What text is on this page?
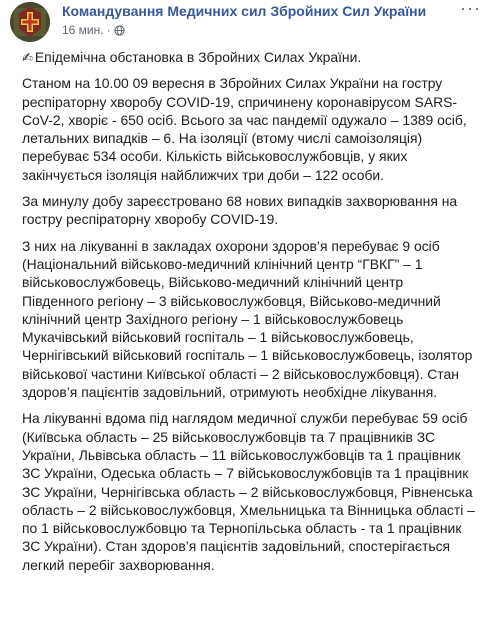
Командування Медичних сил Збройних Сил України
16 мин. ·
···

✍ Епідемічна обстановка в Збройних Силах України.

Станом на 10.00 09 вересня в Збройних Силах України на гостру респіраторну хворобу COVID-19, спричинену коронавірусом SARS-CoV-2, хворіє - 650 осіб. Всього за час пандемії одужало – 1389 осіб, летальних випадків – 6. На ізоляції (втому числі самоізоляція) перебуває 534 особи. Кількість військовослужбовців, у яких закінчується ізоляція найближчих три доби – 122 особи.

За минулу добу зареєстровано 68 нових випадків захворювання на гостру респіраторну хворобу COVID-19.

З них на лікуванні в закладах охорони здоров’я перебуває 9 осіб (Національний військово-медичний клінічний центр “ГВКГ” – 1 військовослужбовець, Військово-медичний клінічний центр Південного регіону – 3 військовослужбовця, Військово-медичний клінічний центр Західного регіону – 1 військовослужбовець Мукачівський військовий госпіталь – 1 військовослужбовець, Чернігівський військовий госпіталь – 1 військовослужбовець, ізолятор військової частини Київської області – 2 військовослужбовця). Стан здоров’я пацієнтів задовільний, отримують необхідне лікування.

На лікуванні вдома під наглядом медичної служби перебуває 59 осіб (Київська область – 25 військовослужбовців та 7 працівників ЗС України, Львівська область – 11 військовослужбовців та 1 працівник ЗС України, Одеська область – 7 військовослужбовців та 1 працівник ЗС України, Чернігівська область – 2 військовослужбовця, Рівненська область – 2 військовослужбовця, Хмельницька та Вінницька області – по 1 військовослужбовцю та Тернопільська область - та 1 працівник ЗС України). Стан здоров’я пацієнтів задовільний, спостерігається легкий перебіг захворювання.
